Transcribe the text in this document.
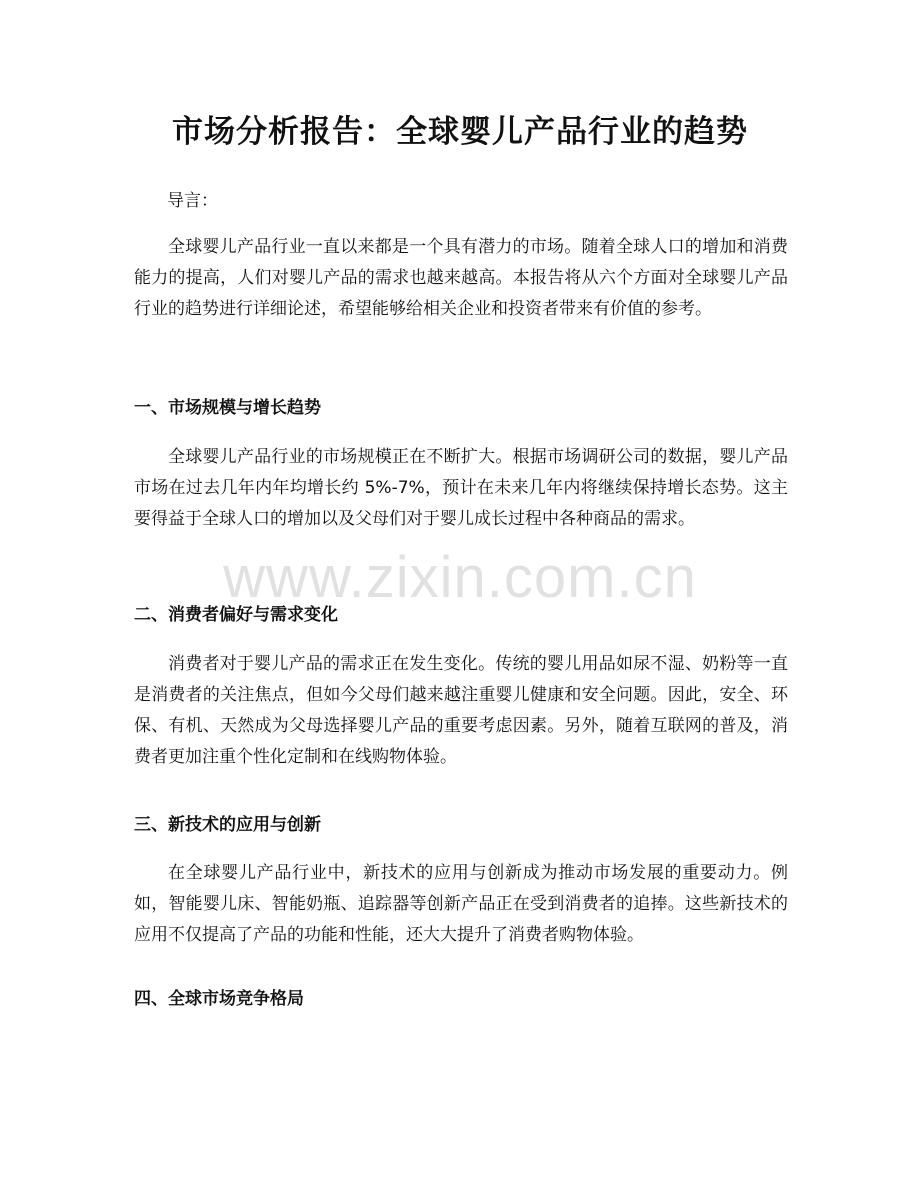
市场分析报告：全球婴儿产品行业的趋势

导言：

全球婴儿产品行业一直以来都是一个具有潜力的市场。随着全球人口的增加和消费能力的提高，人们对婴儿产品的需求也越来越高。本报告将从六个方面对全球婴儿产品行业的趋势进行详细论述，希望能够给相关企业和投资者带来有价值的参考。

一、市场规模与增长趋势

全球婴儿产品行业的市场规模正在不断扩大。根据市场调研公司的数据，婴儿产品市场在过去几年内年均增长约 5%-7%，预计在未来几年内将继续保持增长态势。这主要得益于全球人口的增加以及父母们对于婴儿成长过程中各种商品的需求。

二、消费者偏好与需求变化

消费者对于婴儿产品的需求正在发生变化。传统的婴儿用品如尿不湿、奶粉等一直是消费者的关注焦点，但如今父母们越来越注重婴儿健康和安全问题。因此，安全、环保、有机、天然成为父母选择婴儿产品的重要考虑因素。另外，随着互联网的普及，消费者更加注重个性化定制和在线购物体验。

三、新技术的应用与创新

在全球婴儿产品行业中，新技术的应用与创新成为推动市场发展的重要动力。例如，智能婴儿床、智能奶瓶、追踪器等创新产品正在受到消费者的追捧。这些新技术的应用不仅提高了产品的功能和性能，还大大提升了消费者购物体验。

四、全球市场竞争格局
www.zixin.com.cn
